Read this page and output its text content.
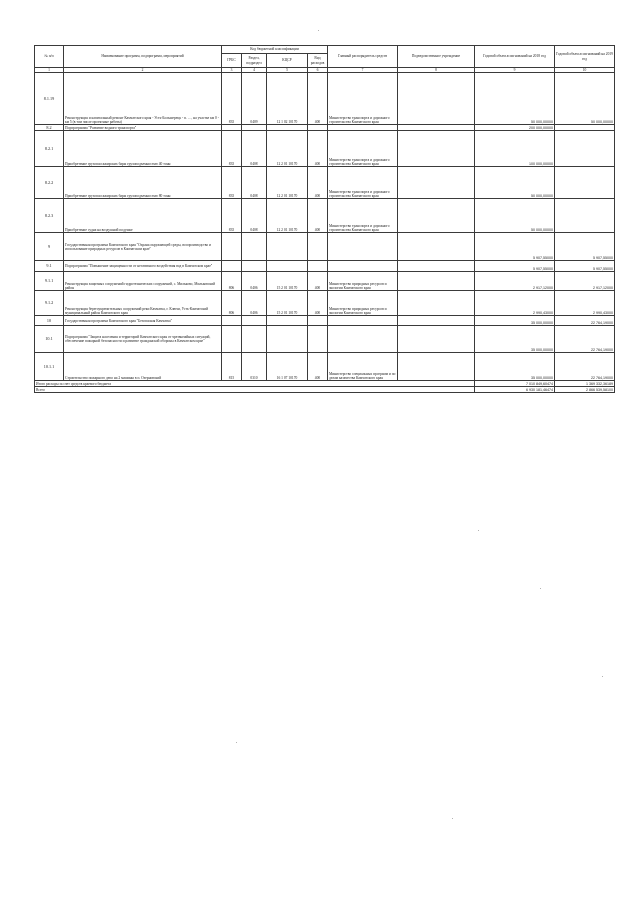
№ п/п	Наименование программ, подпрограмм, мероприятий	Код бюджетной классификации				Главный распорядитель средств	Подведомственное учреждение	Годовой объем ассигнований на 2018 год	Годовой объем ассигнований на 2019 год
		ГРБС	Раздел, подраздел	КЦСР	Вид расходов				
1	2	3	4	5	6	7	8	9	10
8.1.19	Реконструкция и капитальный ремонт Камчатского края - Усть-Большерецк - п. ... , на участке км 0 - км 5 (в том числе проектные работы)	835	0409	12 1 02 10170	400	Министерство транспорта и дорожного строительства Камчатского края		50 000,00000	50 000,00000
8.2	Подпрограмма "Развитие водного транспорта"							200 000,00000	
8.2.1	Приобретение грузопассажирских барж грузоподъемностью 40 тонн	835	0408	12 2 01 10170	400	Министерство транспорта и дорожного строительства Камчатского края		100 000,00000	
8.2.2	Приобретение грузопассажирских барж грузоподъемностью 80 тонн	835	0408	12 2 01 10170	400	Министерство транспорта и дорожного строительства Камчатского края		50 000,00000	
8.2.3	Приобретение судна на воздушной подушке	835	0408	12 2 01 10170	400	Министерство транспорта и дорожного строительства Камчатского края		50 000,00000	
9	Государственная программа Камчатского края "Охрана окружающей среды, воспроизводство и использование природных ресурсов в Камчатском крае"							5 907,55000	5 907,55000
9.1	Подпрограмма "Повышение защищенности от негативного воздействия вод в Камчатском крае"							5 907,55000	5 907,55000
9.1.1	Реконструкция защитных сооружений гидротехнических сооружений, с. Мильково, Мильковский район	806	0406	15 2 01 10170	400	Министерство природных ресурсов и экологии Камчатского края		2 917,12000	2 917,12000
9.1.2	Реконструкция берегоукрепительных сооружений реки Камчатка, г. Ключи, Усть-Камчатский муниципальный район Камчатского края	806	0406	15 2 01 10170	400	Министерство природных ресурсов и экологии Камчатского края		2 990,43000	2 990,43000
10	Государственная программа Камчатского края "Безопасная Камчатка"							35 000,00000	22 764,19000
10.1	Подпрограмма "Защита населения и территорий Камчатского края от чрезвычайных ситуаций, обеспечение пожарной безопасности и развитие гражданской обороны в Камчатском крае"							35 000,00000	22 764,19000
10.1.1	Строительство пожарного депо на 2 машины в п. Озерновский	815	0310	16 1 07 10170	400	Министерство специальных программ и по делам казачества Камчатского края		35 000,00000	22 764,19000
Итого расходы за счет средств краевого бюджета								7 010 849,60474	1 369 332,36189
Всего								6 930 181,46474	2 866 539,58100
